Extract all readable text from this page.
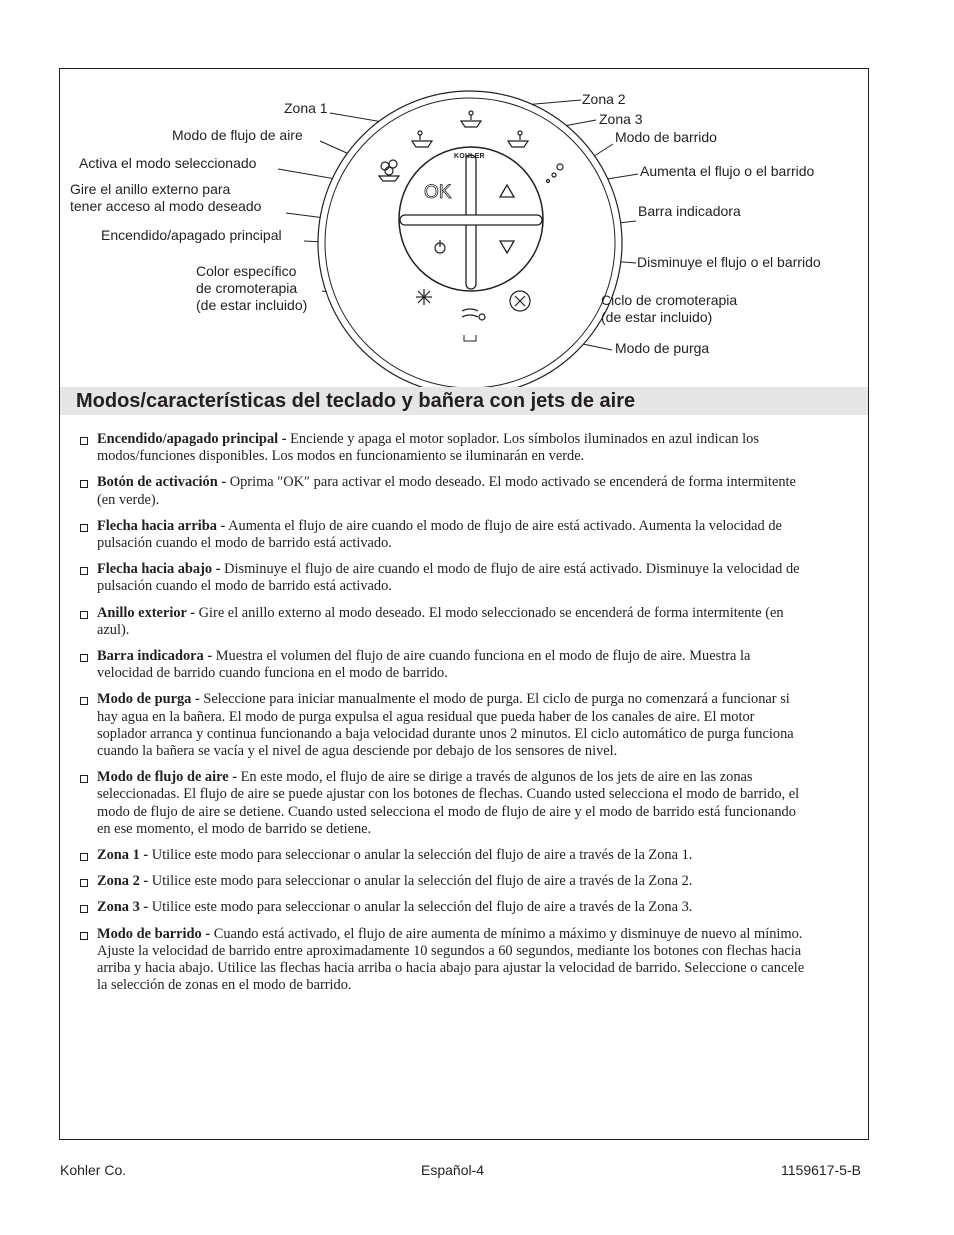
KOHLER
OK
Zona 1
Modo de flujo de aire
Activa el modo seleccionado
Gire el anillo externo para
tener acceso al modo deseado
Encendido/apagado principal
Color específico
de cromoterapia
(de estar incluido)
Zona 2
Zona 3
Modo de barrido
Aumenta el flujo o el barrido
Barra indicadora
Disminuye el flujo o el barrido
Ciclo de cromoterapia
(de estar incluido)
Modo de purga
Modos/características del teclado y bañera con jets de aire
Encendido/apagado principal - Enciende y apaga el motor soplador. Los símbolos iluminados en azul indican los modos/funciones disponibles. Los modos en funcionamiento se iluminarán en verde.
Botón de activación - Oprima ″OK″ para activar el modo deseado. El modo activado se encenderá de forma intermitente (en verde).
Flecha hacia arriba - Aumenta el flujo de aire cuando el modo de flujo de aire está activado. Aumenta la velocidad de pulsación cuando el modo de barrido está activado.
Flecha hacia abajo - Disminuye el flujo de aire cuando el modo de flujo de aire está activado. Disminuye la velocidad de pulsación cuando el modo de barrido está activado.
Anillo exterior - Gire el anillo externo al modo deseado. El modo seleccionado se encenderá de forma intermitente (en azul).
Barra indicadora - Muestra el volumen del flujo de aire cuando funciona en el modo de flujo de aire. Muestra la velocidad de barrido cuando funciona en el modo de barrido.
Modo de purga - Seleccione para iniciar manualmente el modo de purga. El ciclo de purga no comenzará a funcionar si hay agua en la bañera. El modo de purga expulsa el agua residual que pueda haber de los canales de aire. El motor soplador arranca y continua funcionando a baja velocidad durante unos 2 minutos. El ciclo automático de purga funciona cuando la bañera se vacía y el nivel de agua desciende por debajo de los sensores de nivel.
Modo de flujo de aire - En este modo, el flujo de aire se dirige a través de algunos de los jets de aire en las zonas seleccionadas. El flujo de aire se puede ajustar con los botones de flechas. Cuando usted selecciona el modo de barrido, el modo de flujo de aire se detiene. Cuando usted selecciona el modo de flujo de aire y el modo de barrido está funcionando en ese momento, el modo de barrido se detiene.
Zona 1 - Utilice este modo para seleccionar o anular la selección del flujo de aire a través de la Zona 1.
Zona 2 - Utilice este modo para seleccionar o anular la selección del flujo de aire a través de la Zona 2.
Zona 3 - Utilice este modo para seleccionar o anular la selección del flujo de aire a través de la Zona 3.
Modo de barrido - Cuando está activado, el flujo de aire aumenta de mínimo a máximo y disminuye de nuevo al mínimo. Ajuste la velocidad de barrido entre aproximadamente 10 segundos a 60 segundos, mediante los botones con flechas hacia arriba y hacia abajo. Utilice las flechas hacia arriba o hacia abajo para ajustar la velocidad de barrido. Seleccione o cancele la selección de zonas en el modo de barrido.
Kohler Co.	Español-4	1159617-5-B
